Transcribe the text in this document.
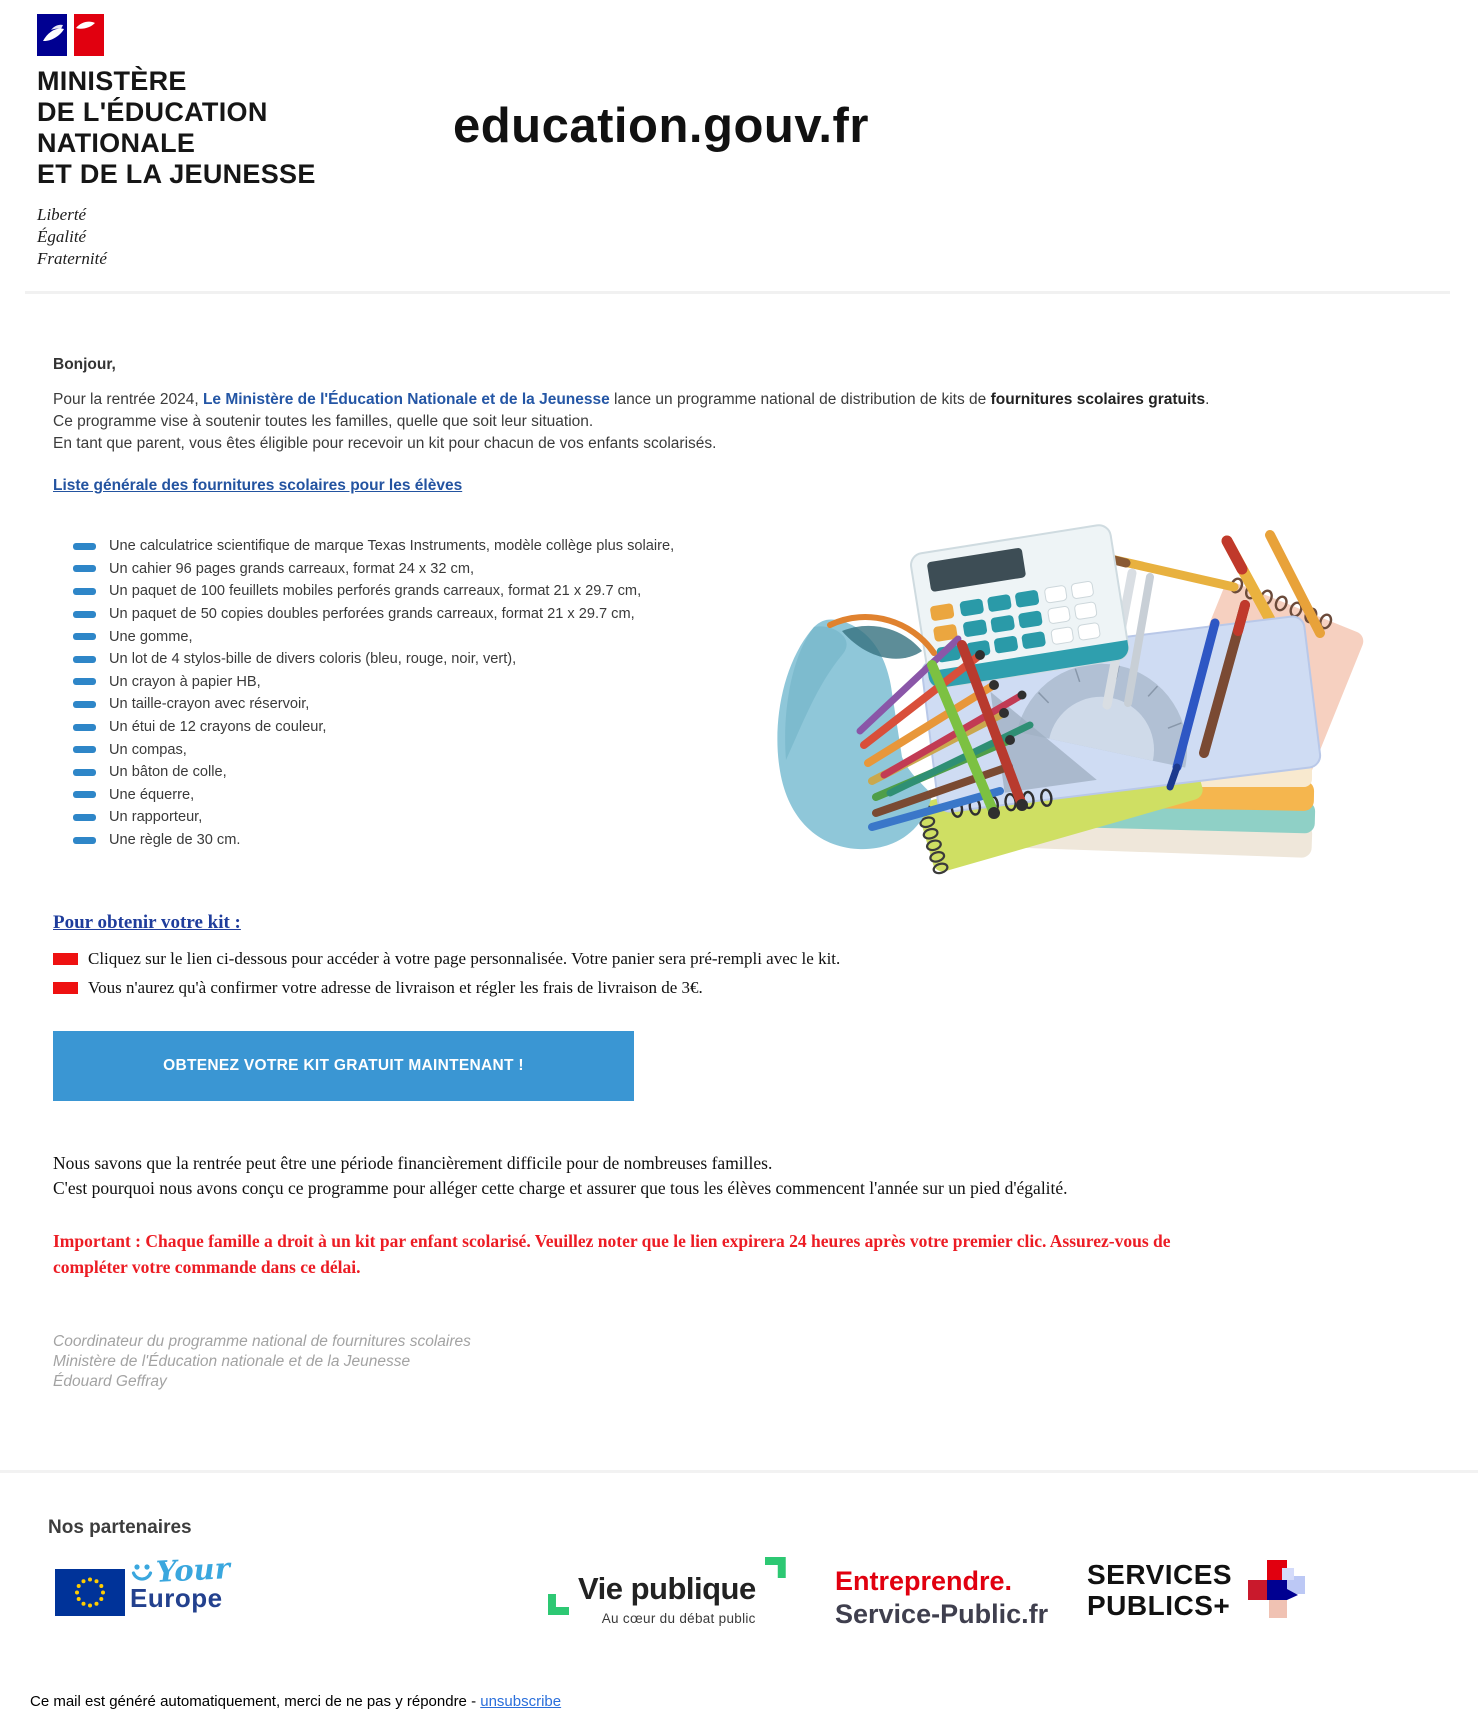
MINISTÈRE
DE L'ÉDUCATION
NATIONALE
ET DE LA JEUNESSE
Liberté
Égalité
Fraternité
education.gouv.fr

Bonjour,

Pour la rentrée 2024, Le Ministère de l'Éducation Nationale et de la Jeunesse lance un programme national de distribution de kits de fournitures scolaires gratuits.
Ce programme vise à soutenir toutes les familles, quelle que soit leur situation.
En tant que parent, vous êtes éligible pour recevoir un kit pour chacun de vos enfants scolarisés.

Liste générale des fournitures scolaires pour les élèves
Une calculatrice scientifique de marque Texas Instruments, modèle collège plus solaire,
Un cahier 96 pages grands carreaux, format 24 x 32 cm,
Un paquet de 100 feuillets mobiles perforés grands carreaux, format 21 x 29.7 cm,
Un paquet de 50 copies doubles perforées grands carreaux, format 21 x 29.7 cm,
Une gomme,
Un lot de 4 stylos-bille de divers coloris (bleu, rouge, noir, vert),
Un crayon à papier HB,
Un taille-crayon avec réservoir,
Un étui de 12 crayons de couleur,
Un compas,
Un bâton de colle,
Une équerre,
Un rapporteur,
Une règle de 30 cm.
Pour obtenir votre kit :
Cliquez sur le lien ci-dessous pour accéder à votre page personnalisée. Votre panier sera pré-rempli avec le kit.
Vous n'aurez qu'à confirmer votre adresse de livraison et régler les frais de livraison de 3€.
OBTENEZ VOTRE KIT GRATUIT MAINTENANT !
Nous savons que la rentrée peut être une période financièrement difficile pour de nombreuses familles.
C'est pourquoi nous avons conçu ce programme pour alléger cette charge et assurer que tous les élèves commencent l'année sur un pied d'égalité.

Important : Chaque famille a droit à un kit par enfant scolarisé. Veuillez noter que le lien expirera 24 heures après votre premier clic. Assurez-vous de compléter votre commande dans ce délai.

Coordinateur du programme national de fournitures scolaires
Ministère de l'Éducation nationale et de la Jeunesse
Édouard Geffray
Nos partenaires
Your
Europe	Vie publique
Au cœur du débat public
Entreprendre.
Service-Public.fr
SERVICES
PUBLICS+
Ce mail est généré automatiquement, merci de ne pas y répondre - unsubscribe
